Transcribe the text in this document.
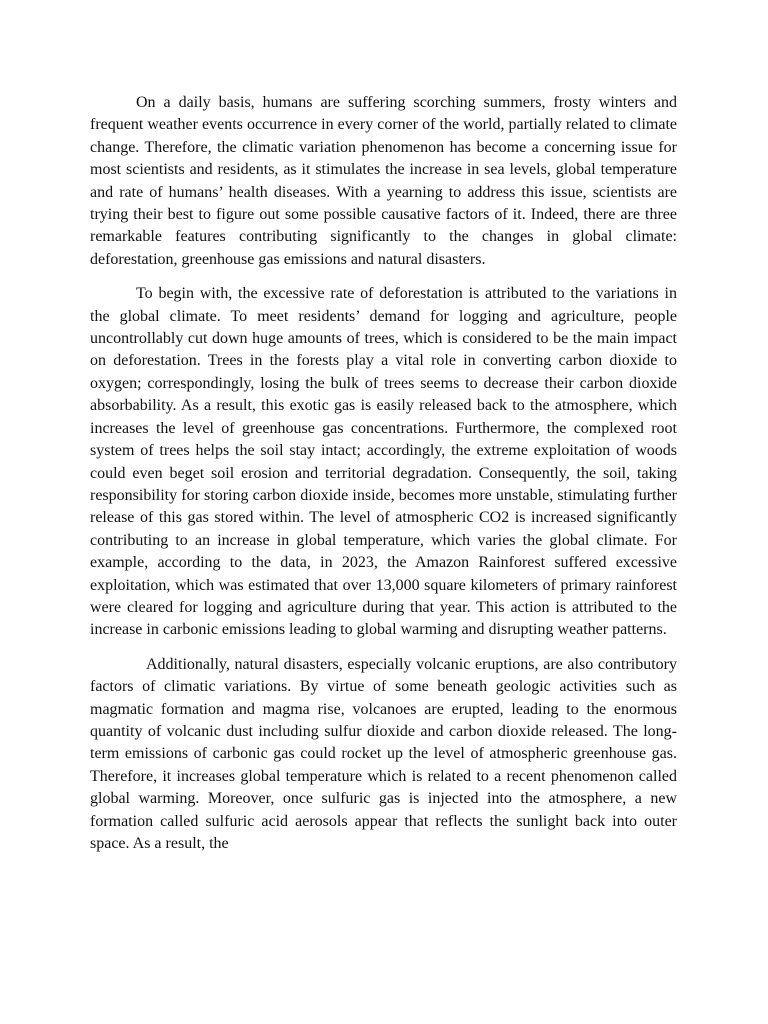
On a daily basis, humans are suffering scorching summers, frosty winters and frequent weather events occurrence in every corner of the world, partially related to climate change. Therefore, the climatic variation phenomenon has become a concerning issue for most scientists and residents, as it stimulates the increase in sea levels, global temperature and rate of humans’ health diseases. With a yearning to address this issue, scientists are trying their best to figure out some possible causative factors of it. Indeed, there are three remarkable features contributing significantly to the changes in global climate: deforestation, greenhouse gas emissions and natural disasters.

To begin with, the excessive rate of deforestation is attributed to the variations in the global climate. To meet residents’ demand for logging and agriculture, people uncontrollably cut down huge amounts of trees, which is considered to be the main impact on deforestation. Trees in the forests play a vital role in converting carbon dioxide to oxygen; correspondingly, losing the bulk of trees seems to decrease their carbon dioxide absorbability. As a result, this exotic gas is easily released back to the atmosphere, which increases the level of greenhouse gas concentrations. Furthermore, the complexed root system of trees helps the soil stay intact; accordingly, the extreme exploitation of woods could even beget soil erosion and territorial degradation. Consequently, the soil, taking responsibility for storing carbon dioxide inside, becomes more unstable, stimulating further release of this gas stored within. The level of atmospheric CO2 is increased significantly contributing to an increase in global temperature, which varies the global climate. For example, according to the data, in 2023, the Amazon Rainforest suffered excessive exploitation, which was estimated that over 13,000 square kilometers of primary rainforest were cleared for logging and agriculture during that year. This action is attributed to the increase in carbonic emissions leading to global warming and disrupting weather patterns.

Additionally, natural disasters, especially volcanic eruptions, are also contributory factors of climatic variations. By virtue of some beneath geologic activities such as magmatic formation and magma rise, volcanoes are erupted, leading to the enormous quantity of volcanic dust including sulfur dioxide and carbon dioxide released. The long-term emissions of carbonic gas could rocket up the level of atmospheric greenhouse gas. Therefore, it increases global temperature which is related to a recent phenomenon called global warming. Moreover, once sulfuric gas is injected into the atmosphere, a new formation called sulfuric acid aerosols appear that reflects the sunlight back into outer space. As a result, the
